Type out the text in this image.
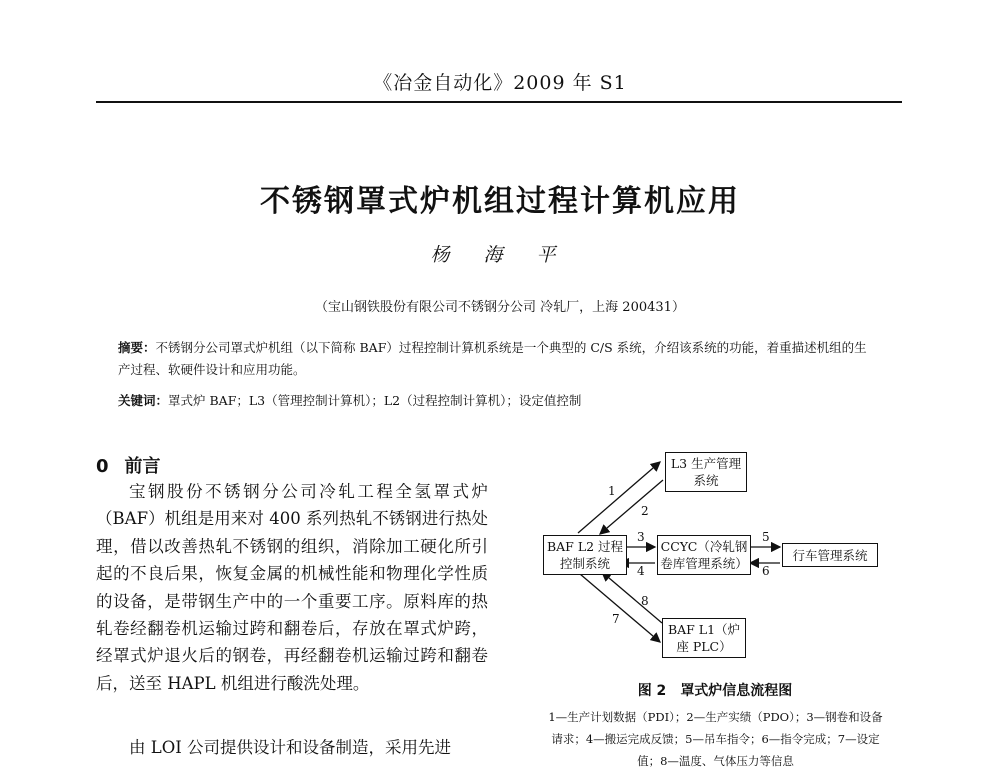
《冶金自动化》2009 年 S1
不锈钢罩式炉机组过程计算机应用
杨 海 平
（宝山钢铁股份有限公司不锈钢分公司 冷轧厂，上海 200431）
摘要：不锈钢分公司罩式炉机组（以下简称 BAF）过程控制计算机系统是一个典型的 C/S 系统，介绍该系统的功能，着重描述机组的生产过程、软硬件设计和应用功能。
关键词：罩式炉 BAF；L3（管理控制计算机）；L2（过程控制计算机）；设定值控制
0 前言
宝钢股份不锈钢分公司冷轧工程全氢罩式炉（BAF）机组是用来对 400 系列热轧不锈钢进行热处理，借以改善热轧不锈钢的组织，消除加工硬化所引起的不良后果，恢复金属的机械性能和物理化学性质的设备，是带钢生产中的一个重要工序。原料库的热轧卷经翻卷机运输过跨和翻卷后，存放在罩式炉跨，经罩式炉退火后的钢卷，再经翻卷机运输过跨和翻卷后，送至 HAPL 机组进行酸洗处理。
由 LOI 公司提供设计和设备制造，采用先进
L3 生产管理系统
BAF L2 过程控制系统
CCYC（冷轧钢卷库管理系统）
行车管理系统
BAF L1（炉座 PLC）
1
2
3
4
5
6
8
7
图 2 罩式炉信息流程图
1—生产计划数据（PDI）；2—生产实绩（PDO）；3—钢卷和设备请求；4—搬运完成反馈；5—吊车指令；6—指令完成；7—设定值；8—温度、气体压力等信息
